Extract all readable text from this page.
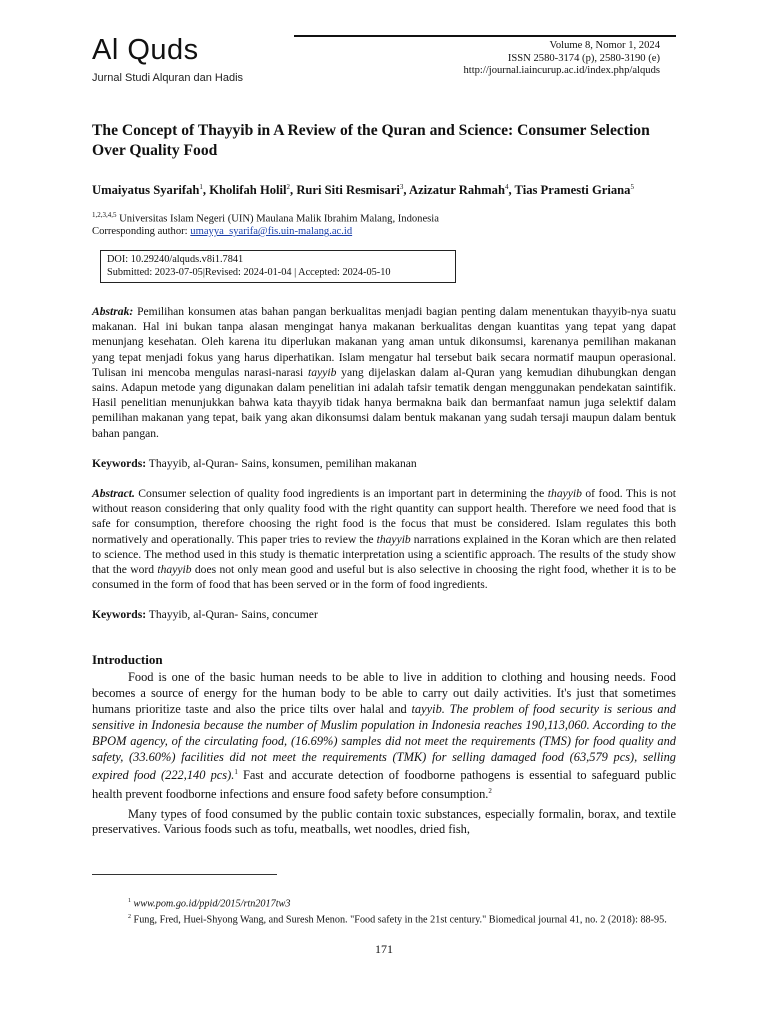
Al Quds
Jurnal Studi Alquran dan Hadis
Volume 8, Nomor 1, 2024
ISSN 2580-3174 (p), 2580-3190 (e)
http://journal.iaincurup.ac.id/index.php/alquds
The Concept of Thayyib in A Review of the Quran and Science: Consumer Selection Over Quality Food
Umaiyatus Syarifah$^1$, Kholifah Holil$^2$, Ruri Siti Resmisari$^3$, Azizatur Rahmah$^4$, Tias Pramesti Griana$^5$
$^{1,2,3,4,5}$ Universitas Islam Negeri (UIN) Maulana Malik Ibrahim Malang, Indonesia
Corresponding author: umayya_syarifa@fis.uin-malang.ac.id
DOI: 10.29240/alquds.v8i1.7841
Submitted: 2023-07-05|Revised: 2024-01-04 | Accepted: 2024-05-10
Abstrak: Pemilihan konsumen atas bahan pangan berkualitas menjadi bagian penting dalam menentukan thayyib-nya suatu makanan. Hal ini bukan tanpa alasan mengingat hanya makanan berkualitas dengan kuantitas yang tepat yang dapat menunjang kesehatan. Oleh karena itu diperlukan makanan yang aman untuk dikonsumsi, karenanya pemilihan makanan yang tepat menjadi fokus yang harus diperhatikan. Islam mengatur hal tersebut baik secara normatif maupun operasional. Tulisan ini mencoba mengulas narasi-narasi tayyib yang dijelaskan dalam al-Quran yang kemudian dihubungkan dengan sains. Adapun metode yang digunakan dalam penelitian ini adalah tafsir tematik dengan menggunakan pendekatan saintifik. Hasil penelitian menunjukkan bahwa kata thayyib tidak hanya bermakna baik dan bermanfaat namun juga selektif dalam pemilihan makanan yang tepat, baik yang akan dikonsumsi dalam bentuk makanan yang sudah tersaji maupun dalam bentuk bahan pangan.
Keywords: Thayyib, al-Quran- Sains, konsumen, pemilihan makanan
Abstract. Consumer selection of quality food ingredients is an important part in determining the thayyib of food. This is not without reason considering that only quality food with the right quantity can support health. Therefore we need food that is safe for consumption, therefore choosing the right food is the focus that must be considered. Islam regulates this both normatively and operationally. This paper tries to review the thayyib narrations explained in the Koran which are then related to science. The method used in this study is thematic interpretation using a scientific approach. The results of the study show that the word thayyib does not only mean good and useful but is also selective in choosing the right food, whether it is to be consumed in the form of food that has been served or in the form of food ingredients.
Keywords: Thayyib, al-Quran- Sains, concumer
Introduction

Food is one of the basic human needs to be able to live in addition to clothing and housing needs. Food becomes a source of energy for the human body to be able to carry out daily activities. It's just that sometimes humans prioritize taste and also the price tilts over halal and tayyib. The problem of food security is serious and sensitive in Indonesia because the number of Muslim population in Indonesia reaches 190,113,060. According to the BPOM agency, of the circulating food, (16.69%) samples did not meet the requirements (TMS) for food quality and safety, (33.60%) facilities did not meet the requirements (TMK) for selling damaged food (63,579 pcs), selling expired food (222,140 pcs).$^1$ Fast and accurate detection of foodborne pathogens is essential to safeguard public health prevent foodborne infections and ensure food safety before consumption.$^2$

Many types of food consumed by the public contain toxic substances, especially formalin, borax, and textile preservatives. Various foods such as tofu, meatballs, wet noodles, dried fish,

$^1$ www.pom.go.id/ppid/2015/rtn2017tw3
$^2$ Fung, Fred, Huei-Shyong Wang, and Suresh Menon. "Food safety in the 21st century." Biomedical journal 41, no. 2 (2018): 88-95.
171
